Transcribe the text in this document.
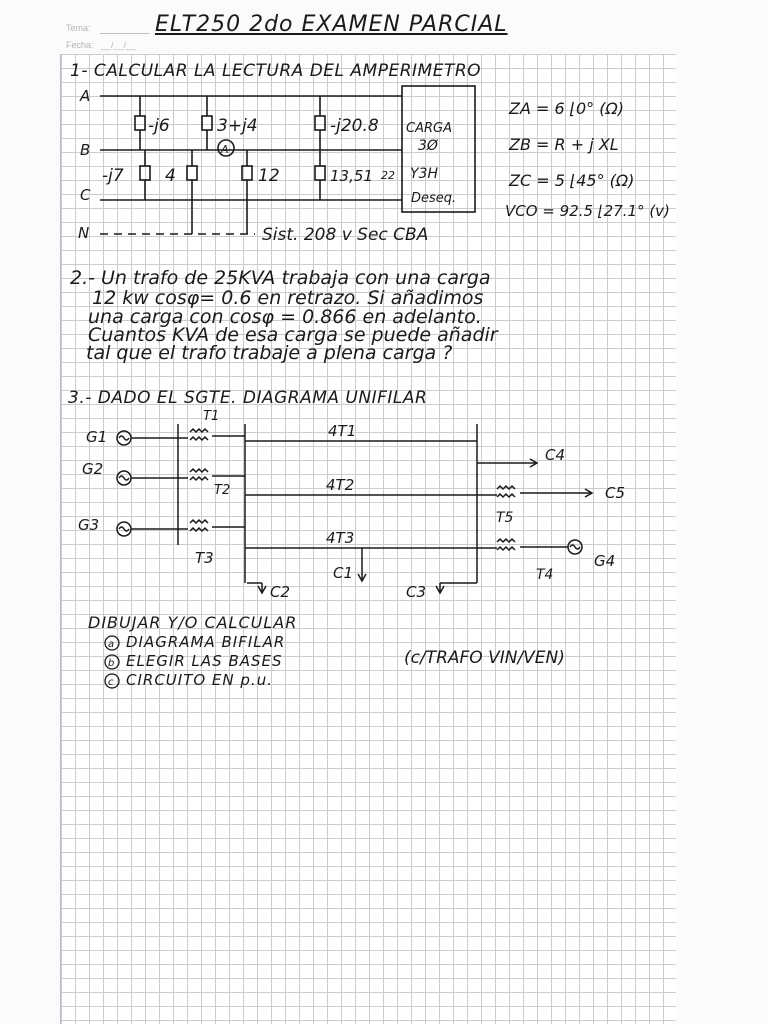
Tema:
Fecha: __/__/__

ELT250 2do EXAMEN PARCIAL

1- CALCULAR LA LECTURA DEL AMPERIMETRO

A
A
B
C
N
-j6	3+j4	-j20.8
-j7 4	12	13,51 22
CARGA
3Ø
Y3H
Deseq.
Sist. 208 v Sec CBA
ZA = 6 ⌊0° (Ω)
ZB = R + j XL
ZC = 5 ⌊45° (Ω)
VCO = 92.5 ⌊27.1° (v)

2.- Un trafo de 25KVA trabaja con una carga

12 kw cosφ= 0.6 en retrazo. Si añadimos

una carga con cosφ = 0.866 en adelanto.

Cuantos KVA de esa carga se puede añadir

tal que el trafo trabaje a plena carga ?

3.- DADO EL SGTE. DIAGRAMA UNIFILAR

G1
G2
G3
G4
T1
T2
T3
T4
T5
4T1
4T2
4T3
C1
C2	C3
C4
C5

DIBUJAR Y/O CALCULAR

a
b
c

DIAGRAMA BIFILAR

ELEGIR LAS BASES	(c/TRAFO VIN/VEN)

CIRCUITO EN p.u.
